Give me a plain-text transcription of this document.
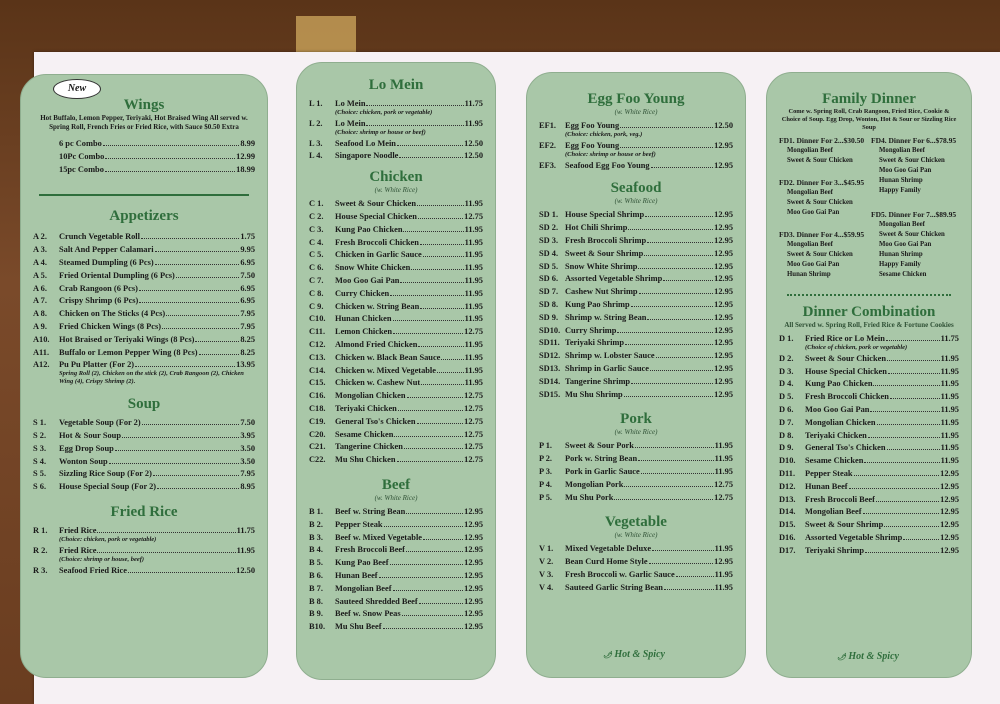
New
Wings
Hot Buffalo, Lemon Pepper, Teriyaki, Hot Braised Wing All served w. Spring Roll, French Fries or Fried Rice, with Sauce $0.50 Extra
6 pc Combo	8.99
10Pc Combo	12.99
15pc Combo	18.99
Appetizers
A 2.	Crunch Vegetable Roll	1.75
A 3.	Salt And Pepper Calamari	9.95
A 4.	Steamed Dumpling (6 Pcs)	6.95
A 5.	Fried Oriental Dumpling (6 Pcs)	7.50
A 6.	Crab Rangoon (6 Pcs)	6.95
A 7.	Crispy Shrimp (6 Pcs)	6.95
A 8.	Chicken on The Sticks (4 Pcs)	7.95
A 9.	Fried Chicken Wings (8 Pcs)	7.95
A10.	Hot Braised or Teriyaki Wings (8 Pcs)	8.25
A11.	Buffalo or Lemon Pepper Wing (8 Pcs)	8.25
A12.	Pu Pu Platter (For 2)	13.95
Spring Roll (2), Chicken on the stick (2), Crab Rangoon (2), Chicken Wing (4), Crispy Shrimp (2).
Soup
S 1.	Vegetable Soup (For 2)	7.50
S 2.	Hot & Sour Soup	3.95
S 3.	Egg Drop Soup	3.50
S 4.	Wonton Soup	3.50
S 5.	Sizzling Rice Soup (For 2)	7.95
S 6.	House Special Soup (For 2)	8.95
Fried Rice
R 1.	Fried Rice	11.75
(Choice: chicken, pork or vegetable)
R 2.	Fried Rice	11.95
(Choice: shrimp or house, beef)
R 3.	Seafood Fried Rice	12.50
Lo Mein
L 1.	Lo Mein	11.75
(Choice: chicken, pork or vegetable)
L 2.	Lo Mein	11.95
(Choice: shrimp or house or beef)
L 3.	Seafood Lo Mein	12.50
L 4.	Singapore Noodle	12.50
Chicken
(w. White Rice)
C 1.	Sweet & Sour Chicken	11.95
C 2.	House Special Chicken	12.75
C 3.	Kung Pao Chicken	11.95
C 4.	Fresh Broccoli Chicken	11.95
C 5.	Chicken in Garlic Sauce	11.95
C 6.	Snow White Chicken	11.95
C 7.	Moo Goo Gai Pan	11.95
C 8.	Curry Chicken	11.95
C 9.	Chicken w. String Bean	11.95
C10.	Hunan Chicken	11.95
C11.	Lemon Chicken	12.75
C12.	Almond Fried Chicken	11.95
C13.	Chicken w. Black Bean Sauce	11.95
C14.	Chicken w. Mixed Vegetable	11.95
C15.	Chicken w. Cashew Nut	11.95
C16.	Mongolian Chicken	12.75
C18.	Teriyaki Chicken	12.75
C19.	General Tso's Chicken	12.75
C20.	Sesame Chicken	12.75
C21.	Tangerine Chicken	12.75
C22.	Mu Shu Chicken	12.75
Beef
(w. White Rice)
B 1.	Beef w. String Bean	12.95
B 2.	Pepper Steak	12.95
B 3.	Beef w. Mixed Vegetable	12.95
B 4.	Fresh Broccoli Beef	12.95
B 5.	Kung Pao Beef	12.95
B 6.	Hunan Beef	12.95
B 7.	Mongolian Beef	12.95
B 8.	Sauteed Shredded Beef	12.95
B 9.	Beef w. Snow Peas	12.95
B10.	Mu Shu Beef	12.95
Egg Foo Young
(w. White Rice)
EF1.	Egg Foo Young	12.50
(Choice: chicken, pork, veg.)
EF2.	Egg Foo Young	12.95
(Choice: shrimp or house or beef)
EF3.	Seafood Egg Foo Young	12.95
Seafood
(w. White Rice)
SD 1. House Special Shrimp	12.95
SD 2. Hot Chili Shrimp	12.95
SD 3. Fresh Broccoli Shrimp	12.95
SD 4. Sweet & Sour Shrimp	12.95
SD 5. Snow White Shrimp	12.95
SD 6. Assorted Vegetable Shrimp	12.95
SD 7. Cashew Nut Shrimp	12.95
SD 8. Kung Pao Shrimp	12.95
SD 9. Shrimp w. String Bean	12.95
SD10. Curry Shrimp	12.95
SD11. Teriyaki Shrimp	12.95
SD12. Shrimp w. Lobster Sauce	12.95
SD13. Shrimp in Garlic Sauce	12.95
SD14. Tangerine Shrimp	12.95
SD15. Mu Shu Shrimp	12.95
Pork
(w. White Rice)
P 1.	Sweet & Sour Pork	11.95
P 2.	Pork w. String Bean	11.95
P 3.	Pork in Garlic Sauce	11.95
P 4.	Mongolian Pork	12.75
P 5.	Mu Shu Pork	12.75
Vegetable
(w. White Rice)
V 1.	Mixed Vegetable Deluxe	11.95
V 2.	Bean Curd Home Style	12.95
V 3.	Fresh Broccoli w. Garlic Sauce	11.95
V 4.	Sauteed Garlic String Bean	11.95
🌶 Hot & Spicy
Family Dinner
Come w. Spring Roll, Crab Rangoon, Fried Rice, Cookie & Choice of Soup. Egg Drop, Wonton, Hot & Sour or Sizzling Rice Soup
FD1. Dinner For 2...$30.50
Mongolian Beef
Sweet & Sour Chicken
FD2. Dinner For 3...$45.95
Mongolian Beef
Sweet & Sour Chicken
Moo Goo Gai Pan
FD3. Dinner For 4...$59.95
Mongolian Beef
Sweet & Sour Chicken
Moo Goo Gai Pan
Hunan Shrimp
FD4. Dinner For 6...$78.95
Mongolian Beef
Sweet & Sour Chicken
Moo Goo Gai Pan
Hunan Shrimp
Happy Family
FD5. Dinner For 7...$89.95
Mongolian Beef
Sweet & Sour Chicken
Moo Goo Gai Pan
Hunan Shrimp
Happy Family
Sesame Chicken
Dinner Combination
All Served w. Spring Roll, Fried Rice & Fortune Cookies
D 1.	Fried Rice or Lo Mein	11.75
(Choice of chicken, pork or vegetable)
D 2.	Sweet & Sour Chicken	11.95
D 3.	House Special Chicken	11.95
D 4.	Kung Pao Chicken	11.95
D 5.	Fresh Broccoli Chicken	11.95
D 6.	Moo Goo Gai Pan	11.95
D 7.	Mongolian Chicken	11.95
D 8.	Teriyaki Chicken	11.95
D 9.	General Tso's Chicken	11.95
D10.	Sesame Chicken	11.95
D11.	Pepper Steak	12.95
D12.	Hunan Beef	12.95
D13.	Fresh Broccoli Beef	12.95
D14.	Mongolian Beef	12.95
D15.	Sweet & Sour Shrimp	12.95
D16.	Assorted Vegetable Shrimp	12.95
D17.	Teriyaki Shrimp	12.95
🌶 Hot & Spicy
